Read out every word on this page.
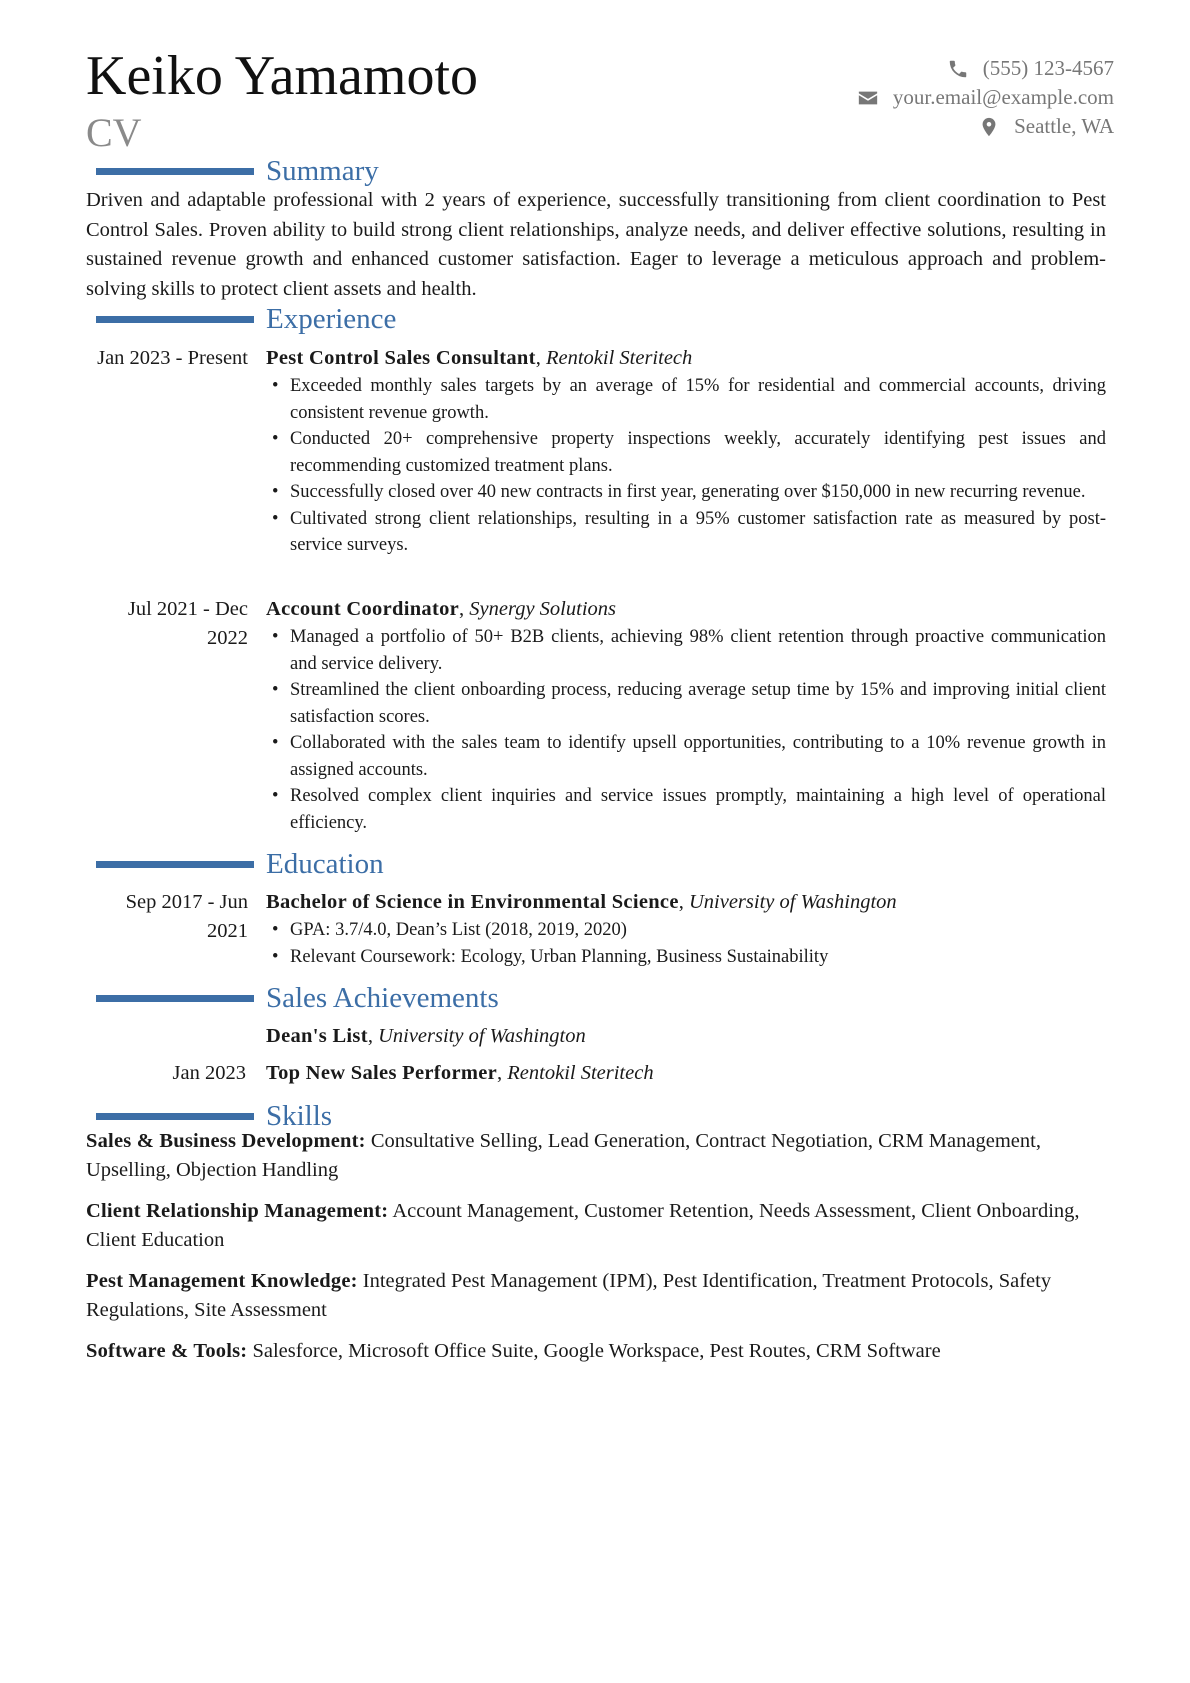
Keiko Yamamoto
CV
(555) 123-4567
your.email@example.com
Seattle, WA
Summary
Driven and adaptable professional with 2 years of experience, successfully transitioning from client coordination to Pest Control Sales. Proven ability to build strong client relationships, analyze needs, and deliver effective solutions, resulting in sustained revenue growth and enhanced customer satisfaction. Eager to leverage a meticulous approach and problem-solving skills to protect client assets and health.
Experience
Jan 2023 - Present Pest Control Sales Consultant, Rentokil Steritech
• Exceeded monthly sales targets by an average of 15% for residential and commercial accounts, driving consistent revenue growth.
• Conducted 20+ comprehensive property inspections weekly, accurately identifying pest issues and recommending customized treatment plans.
• Successfully closed over 40 new contracts in first year, generating over $150,000 in new recurring revenue.
• Cultivated strong client relationships, resulting in a 95% customer satisfaction rate as measured by post-service surveys.
Jul 2021 - Dec 2022
Account Coordinator, Synergy Solutions
• Managed a portfolio of 50+ B2B clients, achieving 98% client retention through proactive communication and service delivery.
• Streamlined the client onboarding process, reducing average setup time by 15% and improving initial client satisfaction scores.
• Collaborated with the sales team to identify upsell opportunities, contributing to a 10% revenue growth in assigned accounts.
• Resolved complex client inquiries and service issues promptly, maintaining a high level of operational efficiency.
Education
Sep 2017 - Jun 2021
Bachelor of Science in Environmental Science, University of Washington
• GPA: 3.7/4.0, Dean’s List (2018, 2019, 2020)
• Relevant Coursework: Ecology, Urban Planning, Business Sustainability
Sales Achievements
Dean's List, University of Washington
Jan 2023 Top New Sales Performer, Rentokil Steritech
Skills
Sales & Business Development: Consultative Selling, Lead Generation, Contract Negotiation, CRM Management, Upselling, Objection Handling
Client Relationship Management: Account Management, Customer Retention, Needs Assessment, Client Onboarding, Client Education
Pest Management Knowledge: Integrated Pest Management (IPM), Pest Identification, Treatment Protocols, Safety Regulations, Site Assessment
Software & Tools: Salesforce, Microsoft Office Suite, Google Workspace, Pest Routes, CRM Software
